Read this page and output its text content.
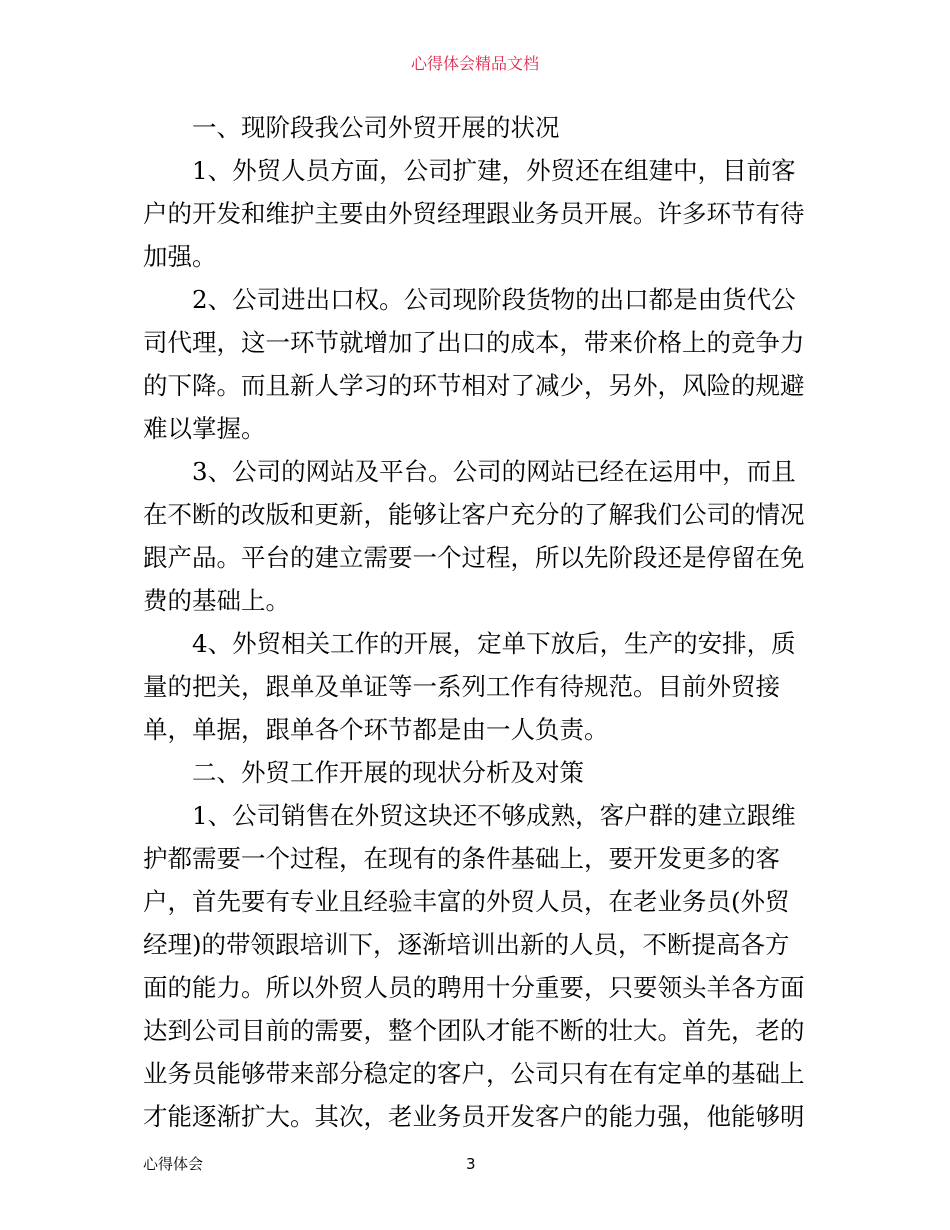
心得体会精品文档
一、现阶段我公司外贸开展的状况
1、外贸人员方面，公司扩建，外贸还在组建中，目前客
户的开发和维护主要由外贸经理跟业务员开展。许多环节有待
加强。
2、公司进出口权。公司现阶段货物的出口都是由货代公
司代理，这一环节就增加了出口的成本，带来价格上的竞争力
的下降。而且新人学习的环节相对了减少，另外，风险的规避
难以掌握。
3、公司的网站及平台。公司的网站已经在运用中，而且
在不断的改版和更新，能够让客户充分的了解我们公司的情况
跟产品。平台的建立需要一个过程，所以先阶段还是停留在免
费的基础上。
4、外贸相关工作的开展，定单下放后，生产的安排，质
量的把关，跟单及单证等一系列工作有待规范。目前外贸接
单，单据，跟单各个环节都是由一人负责。
二、外贸工作开展的现状分析及对策
1、公司销售在外贸这块还不够成熟，客户群的建立跟维
护都需要一个过程，在现有的条件基础上，要开发更多的客
户，首先要有专业且经验丰富的外贸人员，在老业务员(外贸
经理)的带领跟培训下，逐渐培训出新的人员，不断提高各方
面的能力。所以外贸人员的聘用十分重要，只要领头羊各方面
达到公司目前的需要，整个团队才能不断的壮大。首先，老的
业务员能够带来部分稳定的客户，公司只有在有定单的基础上
才能逐渐扩大。其次，老业务员开发客户的能力强，他能够明
心得体会	3
